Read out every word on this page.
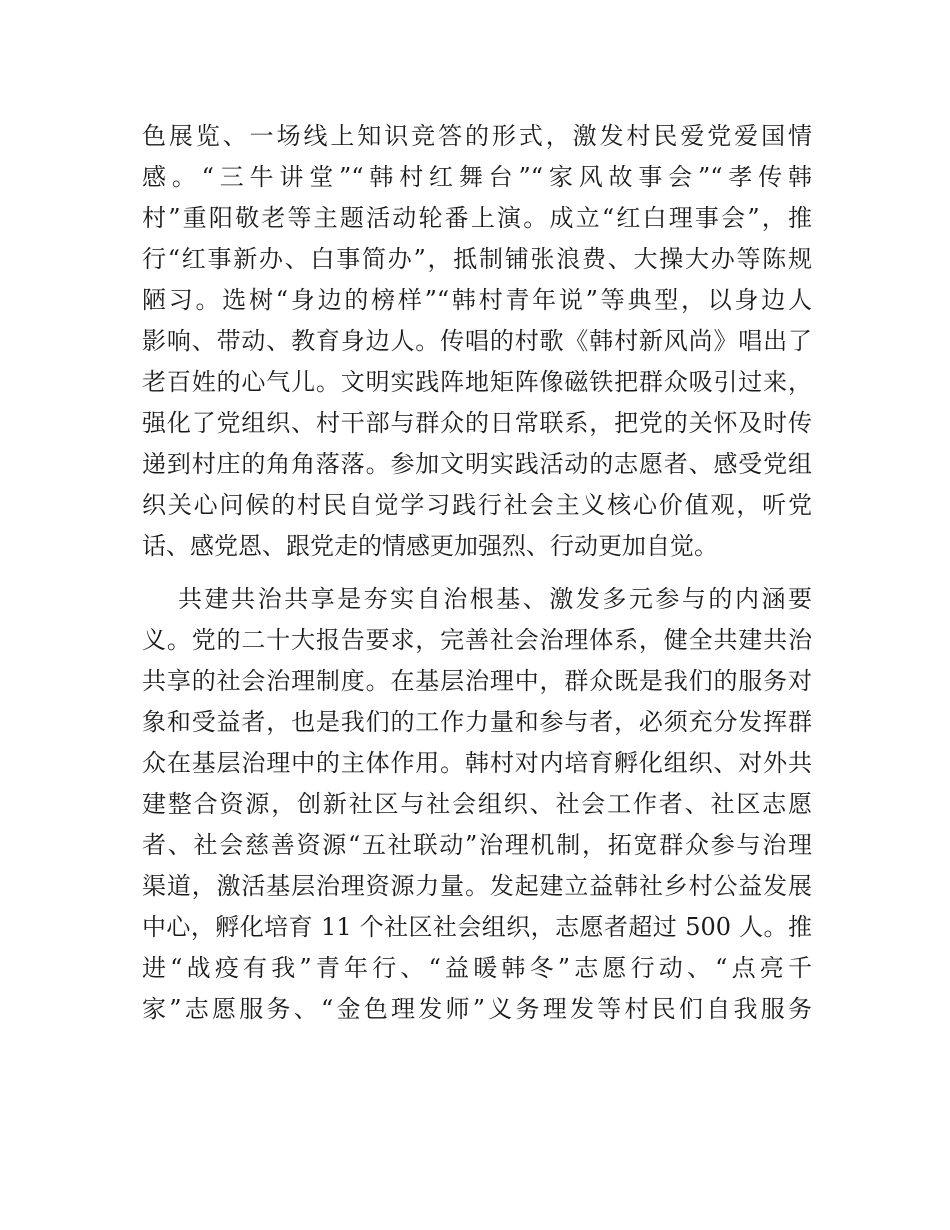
色展览、一场线上知识竞答的形式，激发村民爱党爱国情
感。“三牛讲堂”“韩村红舞台”“家风故事会”“孝传韩
村”重阳敬老等主题活动轮番上演。成立“红白理事会”，推
行“红事新办、白事简办”，抵制铺张浪费、大操大办等陈规
陋习。选树“身边的榜样”“韩村青年说”等典型，以身边人
影响、带动、教育身边人。传唱的村歌《韩村新风尚》唱出了
老百姓的心气儿。文明实践阵地矩阵像磁铁把群众吸引过来，
强化了党组织、村干部与群众的日常联系，把党的关怀及时传
递到村庄的角角落落。参加文明实践活动的志愿者、感受党组
织关心问候的村民自觉学习践行社会主义核心价值观，听党
话、感党恩、跟党走的情感更加强烈、行动更加自觉。
共建共治共享是夯实自治根基、激发多元参与的内涵要
义。党的二十大报告要求，完善社会治理体系，健全共建共治
共享的社会治理制度。在基层治理中，群众既是我们的服务对
象和受益者，也是我们的工作力量和参与者，必须充分发挥群
众在基层治理中的主体作用。韩村对内培育孵化组织、对外共
建整合资源，创新社区与社会组织、社会工作者、社区志愿
者、社会慈善资源“五社联动”治理机制，拓宽群众参与治理
渠道，激活基层治理资源力量。发起建立益韩社乡村公益发展
中心，孵化培育 11 个社区社会组织，志愿者超过 500 人。推
进“战疫有我”青年行、“益暖韩冬”志愿行动、“点亮千
家”志愿服务、“金色理发师”义务理发等村民们自我服务
